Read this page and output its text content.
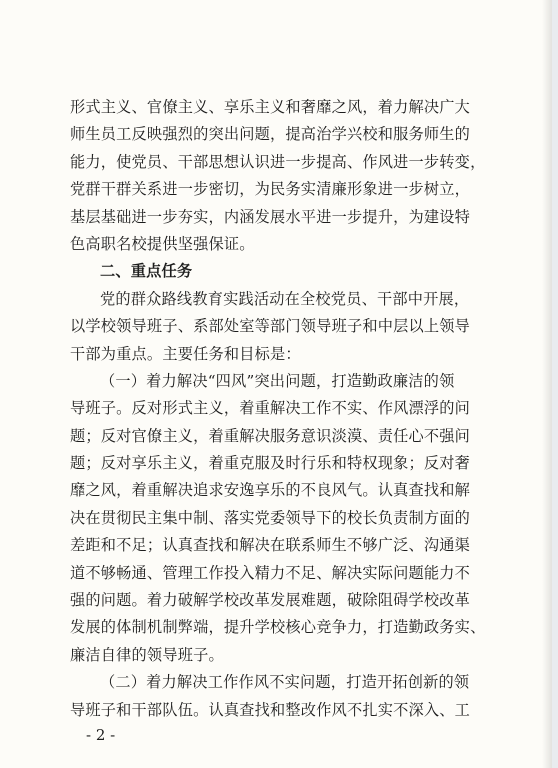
形式主义、官僚主义、享乐主义和奢靡之风，着力解决广大
师生员工反映强烈的突出问题，提高治学兴校和服务师生的
能力，使党员、干部思想认识进一步提高、作风进一步转变，
党群干群关系进一步密切，为民务实清廉形象进一步树立，
基层基础进一步夯实，内涵发展水平进一步提升，为建设特
色高职名校提供坚强保证。
二、重点任务
党的群众路线教育实践活动在全校党员、干部中开展，
以学校领导班子、系部处室等部门领导班子和中层以上领导
干部为重点。主要任务和目标是：
（一）着力解决“四风”突出问题，打造勤政廉洁的领
导班子。反对形式主义，着重解决工作不实、作风漂浮的问
题；反对官僚主义，着重解决服务意识淡漠、责任心不强问
题；反对享乐主义，着重克服及时行乐和特权现象；反对奢
靡之风，着重解决追求安逸享乐的不良风气。认真查找和解
决在贯彻民主集中制、落实党委领导下的校长负责制方面的
差距和不足；认真查找和解决在联系师生不够广泛、沟通渠
道不够畅通、管理工作投入精力不足、解决实际问题能力不
强的问题。着力破解学校改革发展难题，破除阻碍学校改革
发展的体制机制弊端，提升学校核心竞争力，打造勤政务实、
廉洁自律的领导班子。
（二）着力解决工作作风不实问题，打造开拓创新的领
导班子和干部队伍。认真查找和整改作风不扎实不深入、工
- 2 -
